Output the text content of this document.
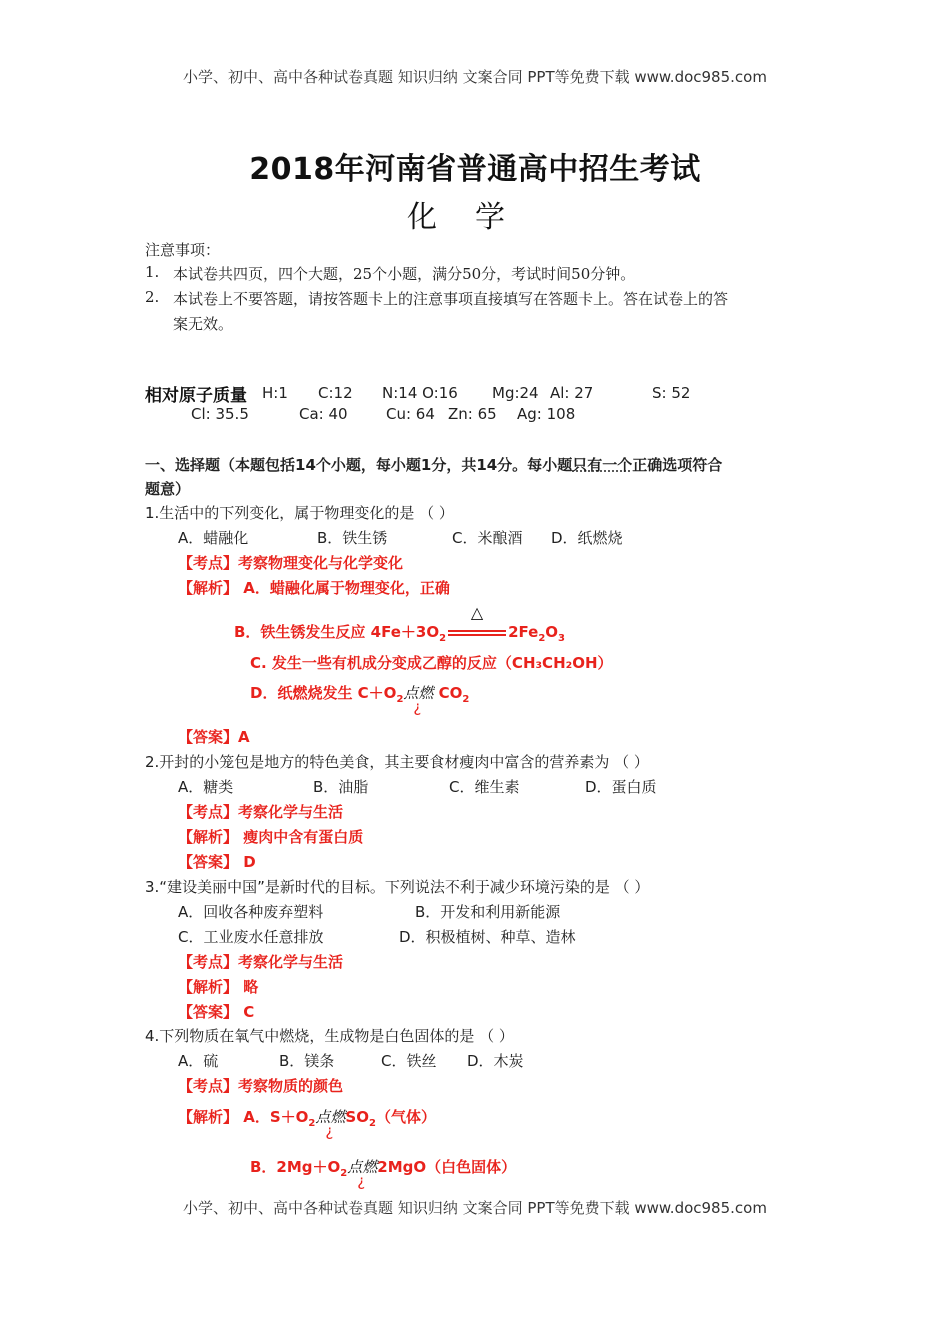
小学、初中、高中各种试卷真题 知识归纳 文案合同 PPT等免费下载 www.doc985.com
小学、初中、高中各种试卷真题 知识归纳 文案合同 PPT等免费下载 www.doc985.com
2018年河南省普通高中招生考试
化学
注意事项：
1. 本试卷共四页，四个大题，25个小题，满分50分，考试时间50分钟。
2. 本试卷上不要答题，请按答题卡上的注意事项直接填写在答题卡上。答在试卷上的答
案无效。
相对原子质量 H:1 C:12 N:14 O:16 Mg:24 Al: 27	S: 52
Cl: 35.5	Ca: 40	Cu: 64 Zn: 65 Ag: 108
一、选择题（本题包括14个小题，每小题1分，共14分。每小题只有一个正确选项符合
题意）
1.生活中的下列变化，属于物理变化的是 （ ）
A．蜡融化	B．铁生锈	C．米酿酒 D．纸燃烧
【考点】考察物理变化与化学变化
【解析】 A．蜡融化属于物理变化，正确
B．铁生锈发生反应 $4Fe+3O_2$
△
$2Fe_2O_3$
C. 发生一些有机成分变成乙醇的反应（CH₃CH₂OH）
D．纸燃烧发生 $C+O_2$点燃
¿
$CO_2$
【答案】A
2.开封的小笼包是地方的特色美食，其主要食材瘦肉中富含的营养素为 （ ）
A．糖类	B．油脂	C．维生素	D．蛋白质
【考点】考察化学与生活
【解析】 瘦肉中含有蛋白质
【答案】 D
3.“建设美丽中国”是新时代的目标。下列说法不利于减少环境污染的是 （ ）
A．回收各种废弃塑料	B．开发和利用新能源
C．工业废水任意排放	D．积极植树、种草、造林
【考点】考察化学与生活
【解析】 略
【答案】 C
4.下列物质在氧气中燃烧，生成物是白色固体的是 （ ）
A．硫	B．镁条	C．铁丝 D．木炭
【考点】考察物质的颜色
【解析】 A．$S+O_2$点燃
¿
$SO_2$（气体）
B．$2Mg+O_2$点燃
¿
2MgO（白色固体）
